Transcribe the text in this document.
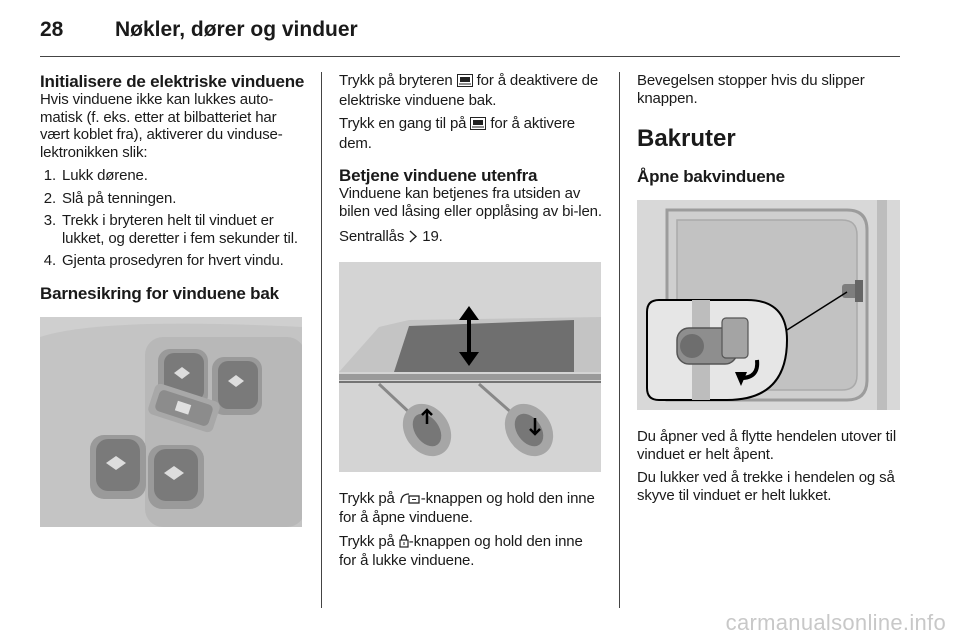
28	Nøkler, dører og vinduer
Initialisere de elektriske vinduene

Hvis vinduene ikke kan lukkes auto-matisk (f. eks. etter at bilbatteriet har vært koblet fra), aktiverer du vinduse-lektronikken slik:

1. Lukk dørene.
2. Slå på tenningen.
3. Trekk i bryteren helt til vinduet er lukket, og deretter i fem sekunder til.
4. Gjenta prosedyren for hvert vindu.
Barnesikring for vinduene bak

Trykk på bryteren  for å deaktivere de elektriske vinduene bak.

Trykk en gang til på  for å aktivere dem.

Betjene vinduene utenfra

Vinduene kan betjenes fra utsiden av bilen ved låsing eller opplåsing av bi-len.

Sentrallås  19.

Trykk på -knappen og hold den inne for å åpne vinduene.

Trykk på -knappen og hold den inne for å lukke vinduene.

Bevegelsen stopper hvis du slipper knappen.

Bakruter
Åpne bakvinduene

Du åpner ved å flytte hendelen utover til vinduet er helt åpent.

Du lukker ved å trekke i hendelen og så skyve til vinduet er helt lukket.

carmanualsonline.info
